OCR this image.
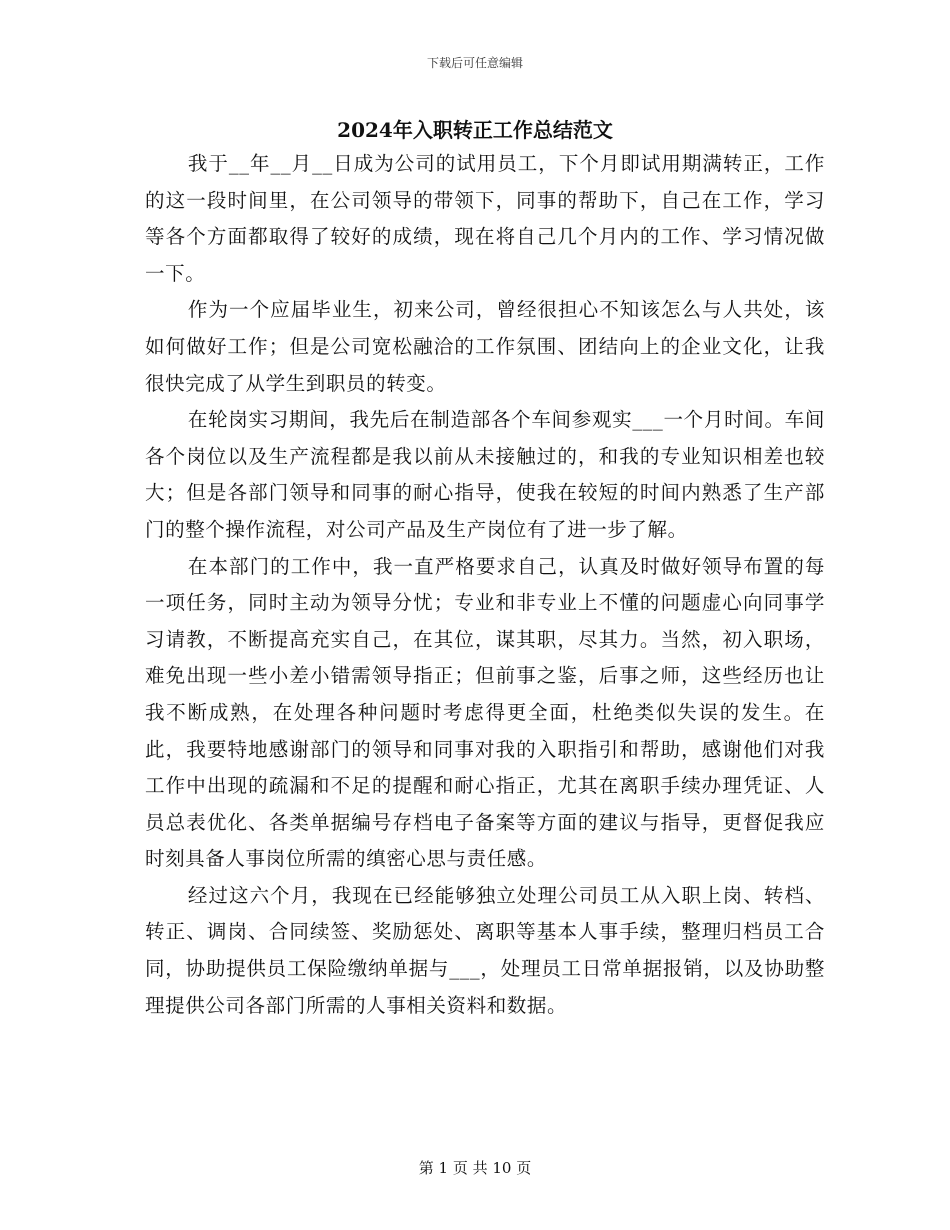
下载后可任意编辑
2024年入职转正工作总结范文

我于__年__月__日成为公司的试用员工，下个月即试用期满转正，工作的这一段时间里，在公司领导的带领下，同事的帮助下，自己在工作，学习等各个方面都取得了较好的成绩，现在将自己几个月内的工作、学习情况做一下。

作为一个应届毕业生，初来公司，曾经很担心不知该怎么与人共处，该如何做好工作；但是公司宽松融洽的工作氛围、团结向上的企业文化，让我很快完成了从学生到职员的转变。

在轮岗实习期间，我先后在制造部各个车间参观实___一个月时间。车间各个岗位以及生产流程都是我以前从未接触过的，和我的专业知识相差也较大；但是各部门领导和同事的耐心指导，使我在较短的时间内熟悉了生产部门的整个操作流程，对公司产品及生产岗位有了进一步了解。

在本部门的工作中，我一直严格要求自己，认真及时做好领导布置的每一项任务，同时主动为领导分忧；专业和非专业上不懂的问题虚心向同事学习请教，不断提高充实自己，在其位，谋其职，尽其力。当然，初入职场，难免出现一些小差小错需领导指正；但前事之鉴，后事之师，这些经历也让我不断成熟，在处理各种问题时考虑得更全面，杜绝类似失误的发生。在此，我要特地感谢部门的领导和同事对我的入职指引和帮助，感谢他们对我工作中出现的疏漏和不足的提醒和耐心指正，尤其在离职手续办理凭证、人员总表优化、各类单据编号存档电子备案等方面的建议与指导，更督促我应时刻具备人事岗位所需的缜密心思与责任感。

经过这六个月，我现在已经能够独立处理公司员工从入职上岗、转档、转正、调岗、合同续签、奖励惩处、离职等基本人事手续，整理归档员工合同，协助提供员工保险缴纳单据与___，处理员工日常单据报销，以及协助整理提供公司各部门所需的人事相关资料和数据。

第 1 页 共 10 页
